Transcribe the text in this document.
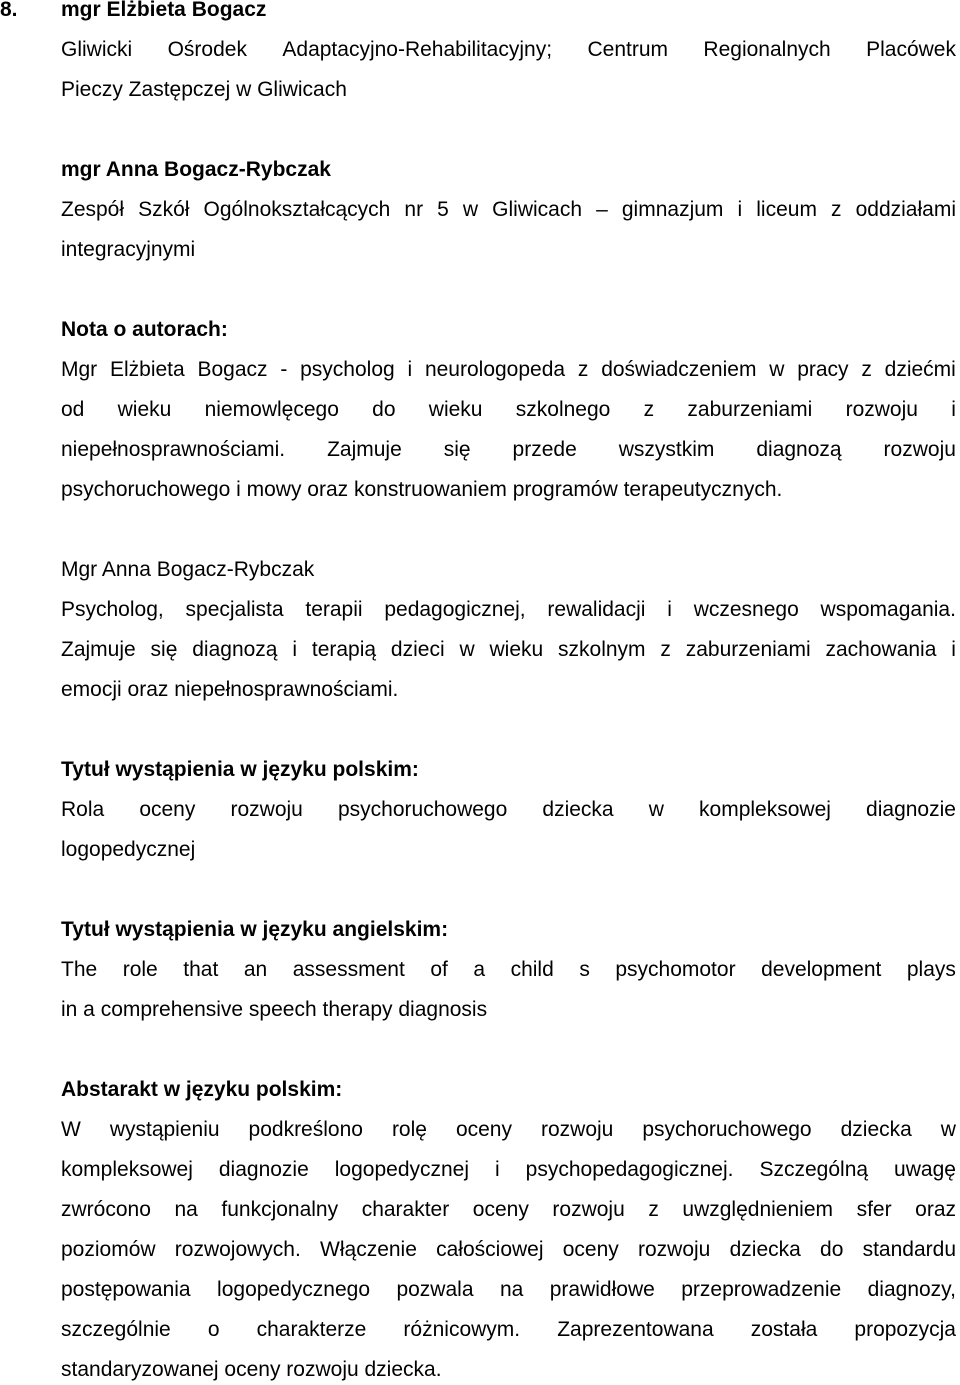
8. mgr Elżbieta Bogacz
Gliwicki Ośrodek Adaptacyjno-Rehabilitacyjny; Centrum Regionalnych Placówek
Pieczy Zastępczej w Gliwicach
mgr Anna Bogacz-Rybczak
Zespół Szkół Ogólnokształcących nr 5 w Gliwicach – gimnazjum i liceum z oddziałami
integracyjnymi
Nota o autorach:
Mgr Elżbieta Bogacz - psycholog i neurologopeda z doświadczeniem w pracy z dziećmi
od wieku niemowlęcego do wieku szkolnego z zaburzeniami rozwoju i
niepełnosprawnościami. Zajmuje się przede wszystkim diagnozą rozwoju
psychoruchowego i mowy oraz konstruowaniem programów terapeutycznych.
Mgr Anna Bogacz-Rybczak
Psycholog, specjalista terapii pedagogicznej, rewalidacji i wczesnego wspomagania.
Zajmuje się diagnozą i terapią dzieci w wieku szkolnym z zaburzeniami zachowania i
emocji oraz niepełnosprawnościami.
Tytuł wystąpienia w języku polskim:
Rola oceny rozwoju psychoruchowego dziecka w kompleksowej diagnozie
logopedycznej
Tytuł wystąpienia w języku angielskim:
The role that an assessment of a child s psychomotor development plays
in a comprehensive speech therapy diagnosis
Abstarakt w języku polskim:
W wystąpieniu podkreślono rolę oceny rozwoju psychoruchowego dziecka w
kompleksowej diagnozie logopedycznej i psychopedagogicznej. Szczególną uwagę
zwrócono na funkcjonalny charakter oceny rozwoju z uwzględnieniem sfer oraz
poziomów rozwojowych. Włączenie całościowej oceny rozwoju dziecka do standardu
postępowania logopedycznego pozwala na prawidłowe przeprowadzenie diagnozy,
szczególnie o charakterze różnicowym. Zaprezentowana została propozycja
standaryzowanej oceny rozwoju dziecka.
